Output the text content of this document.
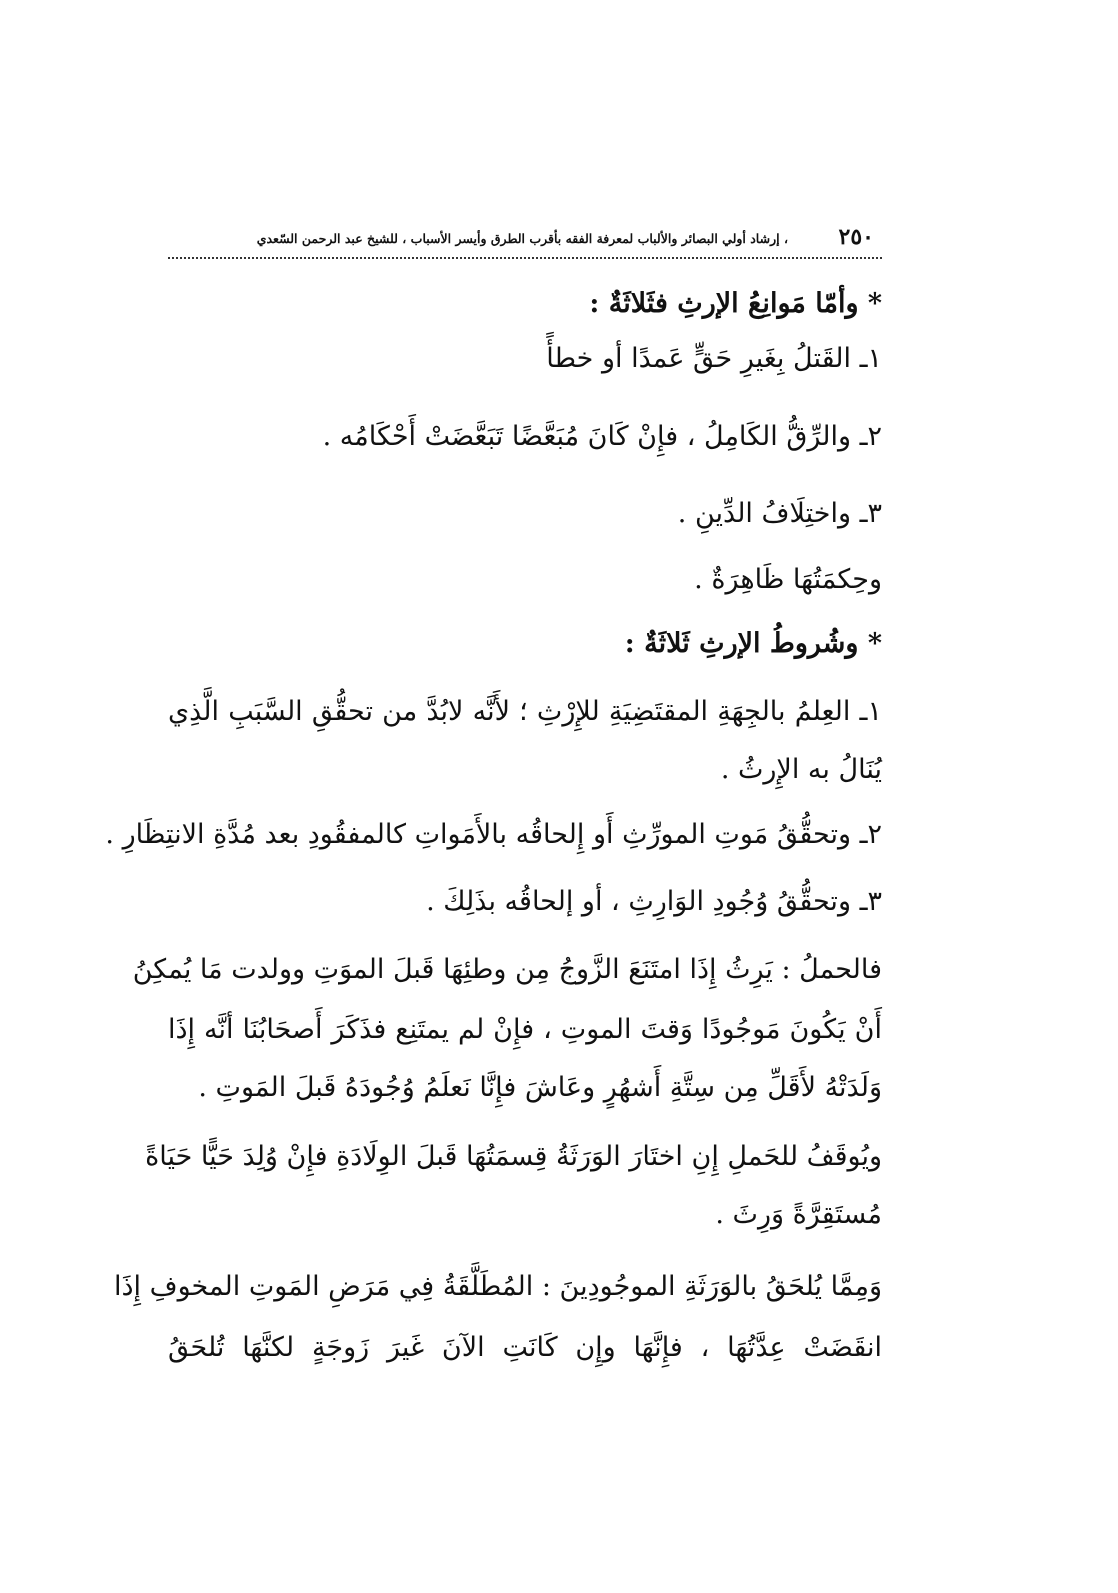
٢٥٠
، إرشاد أولي البصائر والألباب لمعرفة الفقه بأقرب الطرق وأيسر الأسباب ، للشيخ عبد الرحمن السّعدي
* وأمّا مَوانِعُ الإرثِ فثَلاثَةٌ :
١ـ القَتلُ بِغَيرِ حَقٍّ عَمدًا أو خطأً
٢ـ والرِّقُّ الكَامِلُ ، فإِنْ كَانَ مُبَعَّضًا تَبَعَّضَتْ أَحْكَامُه .
٣ـ واختِلَافُ الدِّينِ .
وحِكمَتُهَا ظَاهِرَةٌ .
* وشُروطُ الإرثِ ثَلاثَةٌ :
١ـ العِلمُ بالجِهَةِ المقتَضِيَةِ للإِرْثِ ؛ لأَنَّه لابُدَّ من تحقُّقِ السَّبَبِ الَّذِي
يُنَالُ به الإِرثُ .
٢ـ وتحقُّقُ مَوتِ المورِّثِ أَو إِلحاقُه بالأَمَواتِ كالمفقُودِ بعد مُدَّةِ الانتِظَارِ .
٣ـ وتحقُّقُ وُجُودِ الوَارِثِ ، أو إلحاقُه بذَلِكَ .
فالحملُ : يَرِثُ إِذَا امتَنَعَ الزَّوجُ مِن وطئِهَا قَبلَ الموَتِ وولدت مَا يُمكِنُ
أَنْ يَكُونَ مَوجُودًا وَقتَ الموتِ ، فإِنْ لم يمتَنِع فذَكَرَ أَصحَابُنَا أنَّه إِذَا
وَلَدَتْهُ لأَقَلِّ مِن سِتَّةِ أَشهُرٍ وعَاشَ فإِنَّا نَعلَمُ وُجُودَهُ قَبلَ المَوتِ .
ويُوقَفُ للحَملِ إِنِ اختَارَ الوَرَثَةُ قِسمَتُهَا قَبلَ الوِلَادَةِ فإِنْ وُلِدَ حَيًّا حَيَاةً
مُستَقِرَّةً وَرِثَ .
وَمِمَّا يُلحَقُ بالوَرَثَةِ الموجُودِينَ : المُطَلَّقَةُ فِي مَرَضِ المَوتِ المخوفِ إِذَا
انقَضَتْ عِدَّتُهَا ، فإِنَّهَا وإِن كَانَتِ الآنَ غَيرَ زَوجَةٍ لكنَّهَا تُلحَقُ
